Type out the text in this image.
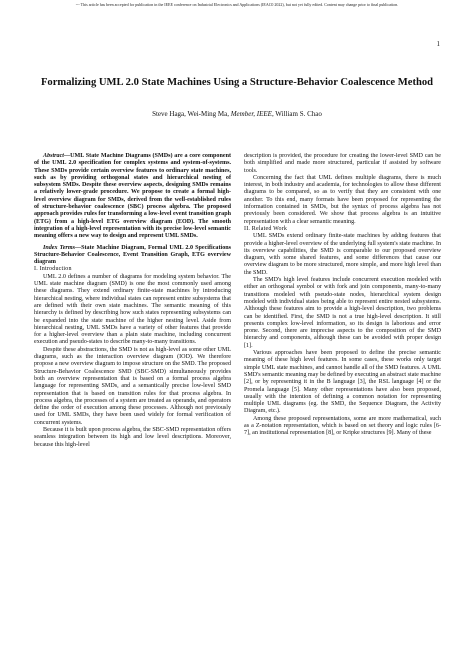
--- This article has been accepted for publication in the IEEE conference on Industrial Electronics and Applications (IEAC0 2022), but not yet fully edited. Content may change prior to final publication.
1
Formalizing UML 2.0 State Machines Using a Structure-Behavior Coalescence Method
Steve Haga, Wei-Ming Ma, Member, IEEE, William S. Chao

Abstract—UML State Machine Diagrams (SMDs) are a core component of the UML 2.0 specification for complex systems and system-of-systems. These SMDs provide certain overview features to ordinary state machines, such as by providing orthogonal states and hierarchical nesting of subsystem SMDs. Despite these overview aspects, designing SMDs remains a relatively lower-grade procedure. We propose to create a formal high-level overview diagram for SMDs, derived from the well-established rules of structure-behavior coalescence (SBC) process algebra. The proposed approach provides rules for transforming a low-level event transition graph (ETG) from a high-level ETG overview diagram (EOD). The smooth integration of a high-level representation with its precise low-level semantic meaning offers a new way to design and represent UML SMDs.

Index Terms—State Machine Diagram, Formal UML 2.0 Specifications Structure-Behavior Coalescence, Event Transition Graph, ETG overview diagram

I. Introduction

UML 2.0 defines a number of diagrams for modeling system behavior. The UML state machine diagram (SMD) is one the most commonly used among these diagrams. They extend ordinary finite-state machines by introducing hierarchical nesting, where individual states can represent entire subsystems that are defined with their own state machines. The semantic meaning of this hierarchy is defined by describing how such states representing subsystems can be expanded into the state machine of the higher nesting level. Aside from hierarchical nesting, UML SMDs have a variety of other features that provide for a higher-level overview than a plain state machine, including concurrent execution and pseudo-states to describe many-to-many transitions.

Despite these abstractions, the SMD is not as high-level as some other UML diagrams, such as the interaction overview diagram (IOD). We therefore propose a new overview diagram to impose structure on the SMD. The proposed Structure-Behavior Coalescence SMD (SBC-SMD) simultaneously provides both an overview representation that is based on a formal process algebra language for representing SMDs, and a semantically precise low-level SMD representation that is based on transition rules for that process algebra. In process algebra, the processes of a system are treated as operands, and operators define the order of execution among these processes. Although not previously used for UML SMDs, they have been used widely for formal verification of concurrent systems.

Because it is built upon process algebra, the SBC-SMD representation offers seamless integration between its high and low level descriptions. Moreover, because this high-level

description is provided, the procedure for creating the lower-level SMD can be both simplified and made more structured, particular if assisted by software tools.

Concerning the fact that UML defines multiple diagrams, there is much interest, in both industry and academia, for technologies to allow these different diagrams to be compared, so as to verify that they are consistent with one another. To this end, many formats have been proposed for representing the information contained in SMDs, but the syntax of process algebra has not previously been considered. We show that process algebra is an intuitive representation with a clear semantic meaning.

II. Related Work

UML SMDs extend ordinary finite-state machines by adding features that provide a higher-level overview of the underlying full system's state machine. In its overview capabilities, the SMD is comparable to our proposed overview diagram, with some shared features, and some differences that cause our overview diagram to be more structured, more simple, and more high level than the SMD.

The SMD's high level features include concurrent execution modeled with either an orthogonal symbol or with fork and join components, many-to-many transitions modeled with pseudo-state nodes, hierarchical system design modeled with individual states being able to represent entire nested subsystems. Although these features aim to provide a high-level description, two problems can be identified. First, the SMD is not a true high-level description. It still presents complex low-level information, so its design is laborious and error prone. Second, there are imprecise aspects to the composition of the SMD hierarchy and components, although these can be avoided with proper design [1].

Various approaches have been proposed to define the precise semantic meaning of these high level features. In some cases, these works only target simple UML state machines, and cannot handle all of the SMD features. A UML SMD's semantic meaning may be defined by executing an abstract state machine [2], or by representing it in the B language [3], the RSL language [4] or the Promela language [5]. Many other representations have also been proposed, usually with the intention of defining a common notation for representing multiple UML diagrams (eg. the SMD, the Sequence Diagram, the Activity Diagram, etc.).

Among these proposed representations, some are more mathematical, such as a Z-notation representation, which is based on set theory and logic rules [6-7], an institutional representation [8], or Kripke structures [9]. Many of these
